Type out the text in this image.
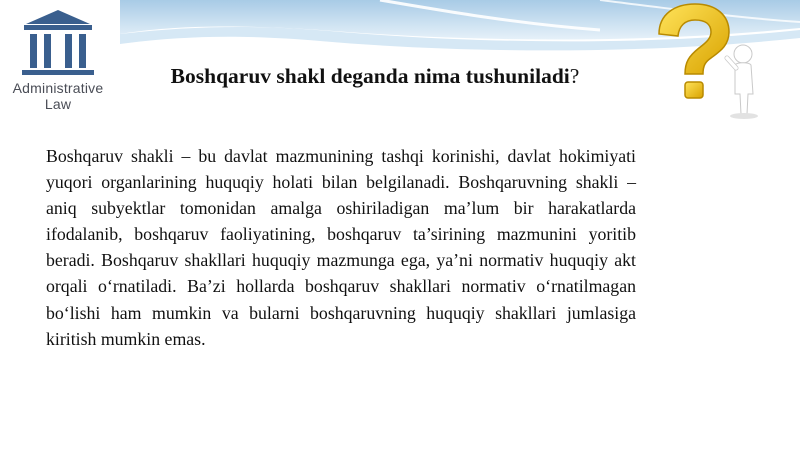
Administrative
Law
Boshqaruv shakl deganda nima tushuniladi?
Boshqaruv shakli – bu davlat mazmunining tashqi korinishi, davlat hokimiyati yuqori organlarining huquqiy holati bilan belgilanadi. Boshqaruvning shakli – aniq subyektlar tomonidan amalga oshiriladigan ma’lum bir harakatlarda ifodalanib, boshqaruv faoliyatining, boshqaruv ta’sirining mazmunini yoritib beradi. Boshqaruv shakllari huquqiy mazmunga ega, ya’ni normativ huquqiy akt orqali o‘rnatiladi. Ba’zi hollarda boshqaruv shakllari normativ o‘rnatilmagan bo‘lishi ham mumkin va bularni boshqaruvning huquqiy shakllari jumlasiga kiritish mumkin emas.
